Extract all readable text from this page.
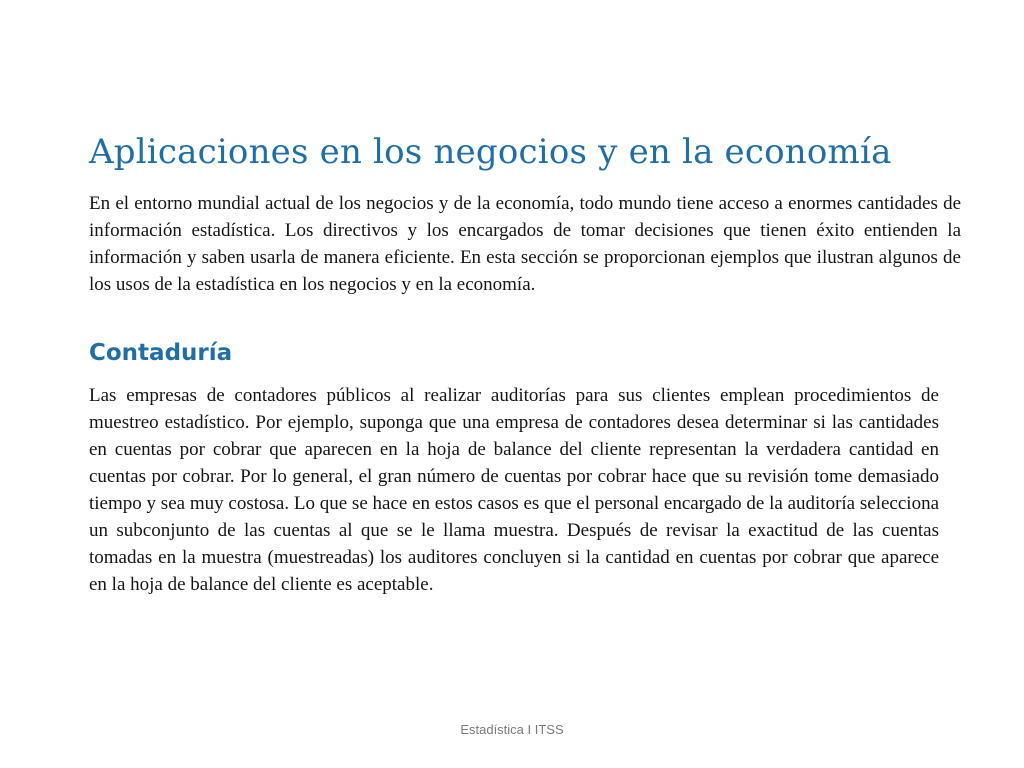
Aplicaciones en los negocios y en la economía

En el entorno mundial actual de los negocios y de la economía, todo mundo tiene acceso a enormes cantidades de información estadística. Los directivos y los encargados de tomar decisiones que tienen éxito entienden la información y saben usarla de manera eficiente. En esta sección se proporcionan ejemplos que ilustran algunos de los usos de la estadística en los negocios y en la economía.

Contaduría

Las empresas de contadores públicos al realizar auditorías para sus clientes emplean procedimientos de muestreo estadístico. Por ejemplo, suponga que una empresa de contadores desea determinar si las cantidades en cuentas por cobrar que aparecen en la hoja de balance del cliente representan la verdadera cantidad en cuentas por cobrar. Por lo general, el gran número de cuentas por cobrar hace que su revisión tome demasiado tiempo y sea muy costosa. Lo que se hace en estos casos es que el personal encargado de la auditoría selecciona un subconjunto de las cuentas al que se le llama muestra. Después de revisar la exactitud de las cuentas tomadas en la muestra (muestreadas) los auditores concluyen si la cantidad en cuentas por cobrar que aparece en la hoja de balance del cliente es aceptable.

Estadística I ITSS
